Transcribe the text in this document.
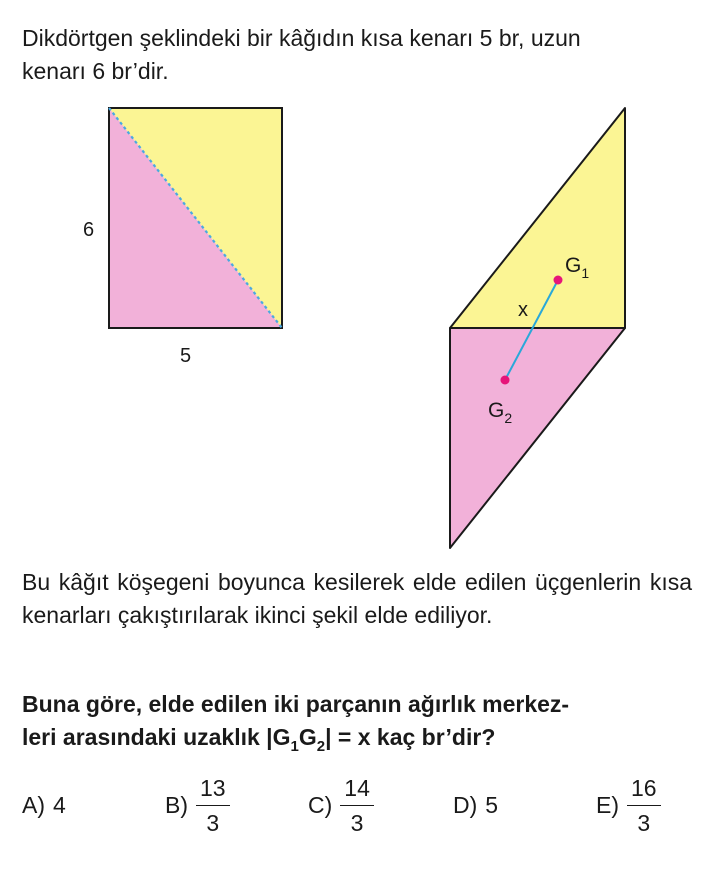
Dikdörtgen şeklindeki bir kâğıdın kısa kenarı 5 br, uzun
kenarı 6 br’dir.

6
5
$G_1$
$G_2$
x

Bu kâğıt köşegeni boyunca kesilerek elde edilen üçgenlerin kısa kenarları çakıştırılarak ikinci şekil elde ediliyor.

Buna göre, elde edilen iki parçanın ağırlık merkez-
leri arasındaki uzaklık $|G_1G_2| = x$ kaç br’dir?

A) 4	$B) \frac{13}{3}$	$C) \frac{14}{3}$	D) 5	$E) \frac{16}{3}$
